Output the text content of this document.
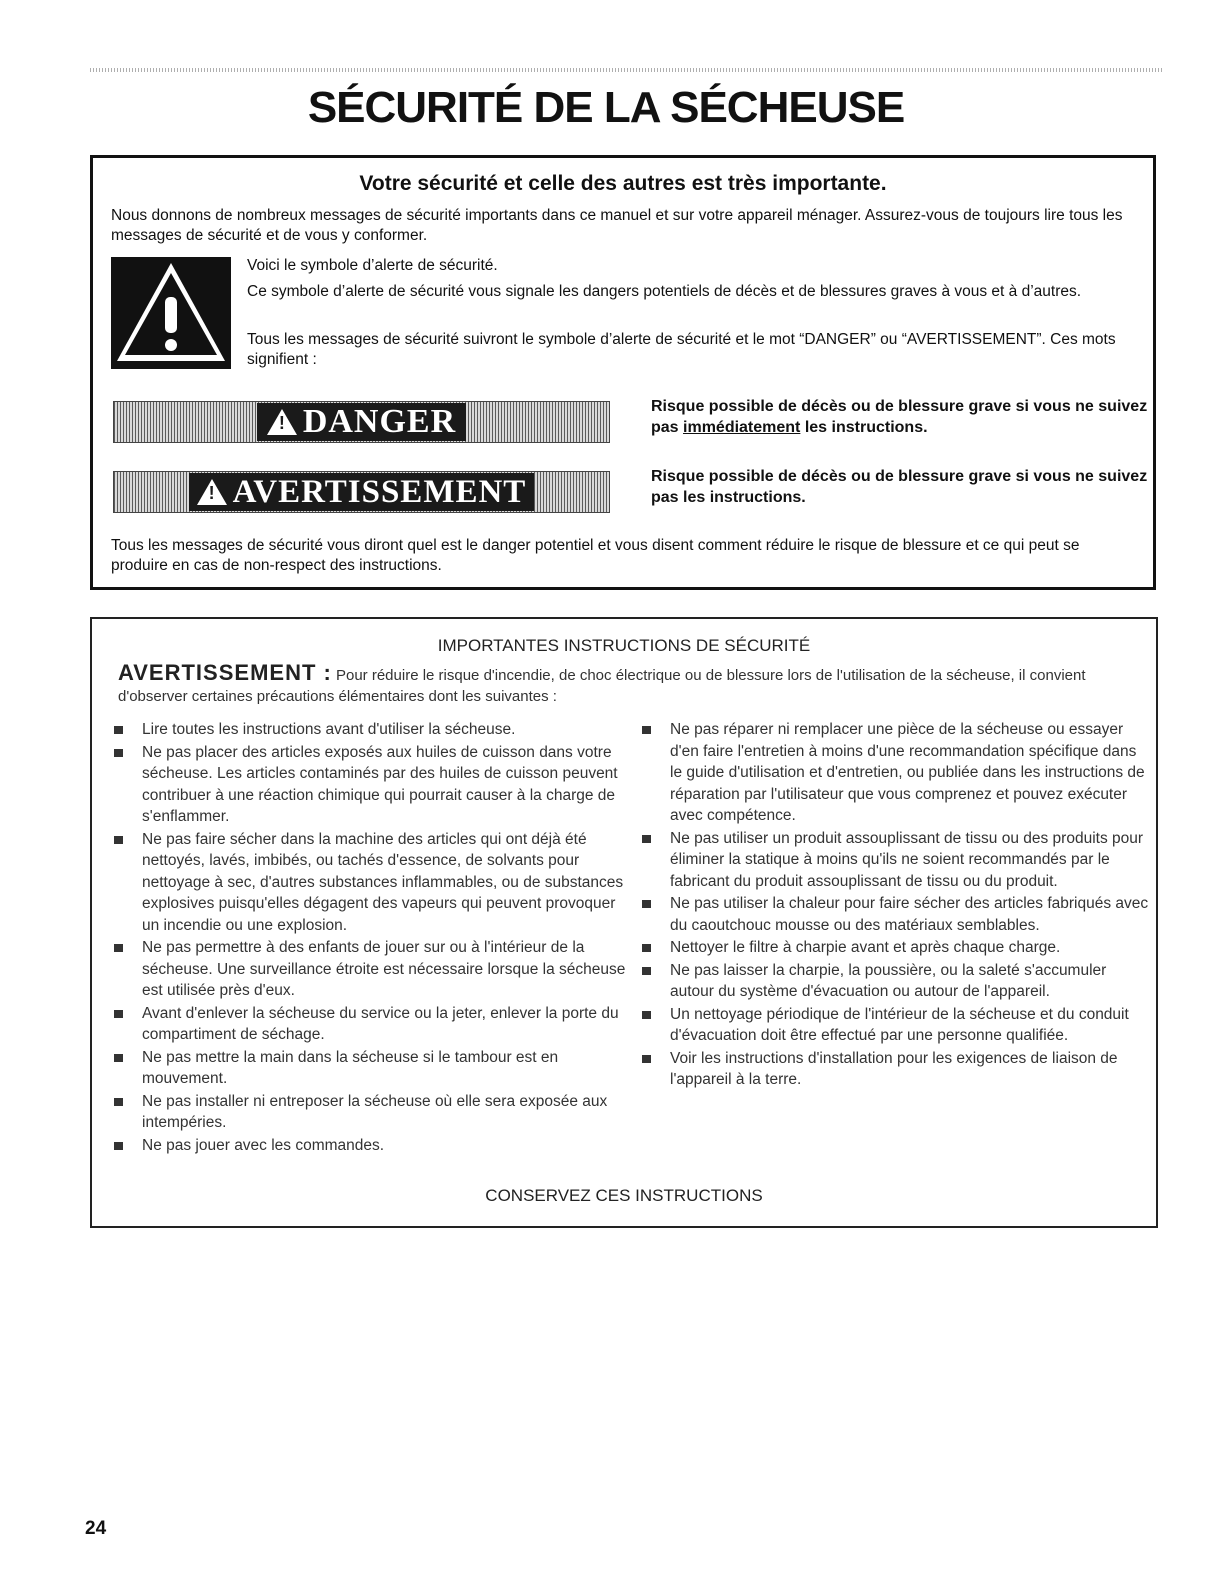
SÉCURITÉ DE LA SÉCHEUSE
Votre sécurité et celle des autres est très importante.

Nous donnons de nombreux messages de sécurité importants dans ce manuel et sur votre appareil ménager. Assurez-vous de toujours lire tous les messages de sécurité et de vous y conformer.

Voici le symbole d’alerte de sécurité.

Ce symbole d’alerte de sécurité vous signale les dangers potentiels de décès et de blessures graves à vous et à d’autres.

Tous les messages de sécurité suivront le symbole d’alerte de sécurité et le mot “DANGER” ou “AVERTISSEMENT”. Ces mots signifient :

!
DANGER	Risque possible de décès ou de blessure grave si vous ne suivez pas immédiatement les instructions.

!
AVERTISSEMENT	Risque possible de décès ou de blessure grave si vous ne suivez pas les instructions.

Tous les messages de sécurité vous diront quel est le danger potentiel et vous disent comment réduire le risque de blessure et ce qui peut se produire en cas de non-respect des instructions.

IMPORTANTES INSTRUCTIONS DE SÉCURITÉ

AVERTISSEMENT : Pour réduire le risque d'incendie, de choc électrique ou de blessure lors de l'utilisation de la sécheuse, il convient d'observer certaines précautions élémentaires dont les suivantes :

Lire toutes les instructions avant d'utiliser la sécheuse.
Ne pas placer des articles exposés aux huiles de cuisson dans votre sécheuse. Les articles contaminés par des huiles de cuisson peuvent contribuer à une réaction chimique qui pourrait causer à la charge de s'enflammer.
Ne pas faire sécher dans la machine des articles qui ont déjà été nettoyés, lavés, imbibés, ou tachés d'essence, de solvants pour nettoyage à sec, d'autres substances inflammables, ou de substances explosives puisqu'elles dégagent des vapeurs qui peuvent provoquer un incendie ou une explosion.
Ne pas permettre à des enfants de jouer sur ou à l'intérieur de la sécheuse. Une surveillance étroite est nécessaire lorsque la sécheuse est utilisée près d'eux.
Avant d'enlever la sécheuse du service ou la jeter, enlever la porte du compartiment de séchage.
Ne pas mettre la main dans la sécheuse si le tambour est en mouvement.
Ne pas installer ni entreposer la sécheuse où elle sera exposée aux intempéries.
Ne pas jouer avec les commandes.
Ne pas réparer ni remplacer une pièce de la sécheuse ou essayer d'en faire l'entretien à moins d'une recommandation spécifique dans le guide d'utilisation et d'entretien, ou publiée dans les instructions de réparation par l'utilisateur que vous comprenez et pouvez exécuter avec compétence.
Ne pas utiliser un produit assouplissant de tissu ou des produits pour éliminer la statique à moins qu'ils ne soient recommandés par le fabricant du produit assouplissant de tissu ou du produit.
Ne pas utiliser la chaleur pour faire sécher des articles fabriqués avec du caoutchouc mousse ou des matériaux semblables.
Nettoyer le filtre à charpie avant et après chaque charge.
Ne pas laisser la charpie, la poussière, ou la saleté s'accumuler autour du système d'évacuation ou autour de l'appareil.
Un nettoyage périodique de l'intérieur de la sécheuse et du conduit d'évacuation doit être effectué par une personne qualifiée.
Voir les instructions d'installation pour les exigences de liaison de l'appareil à la terre.

CONSERVEZ CES INSTRUCTIONS

24
